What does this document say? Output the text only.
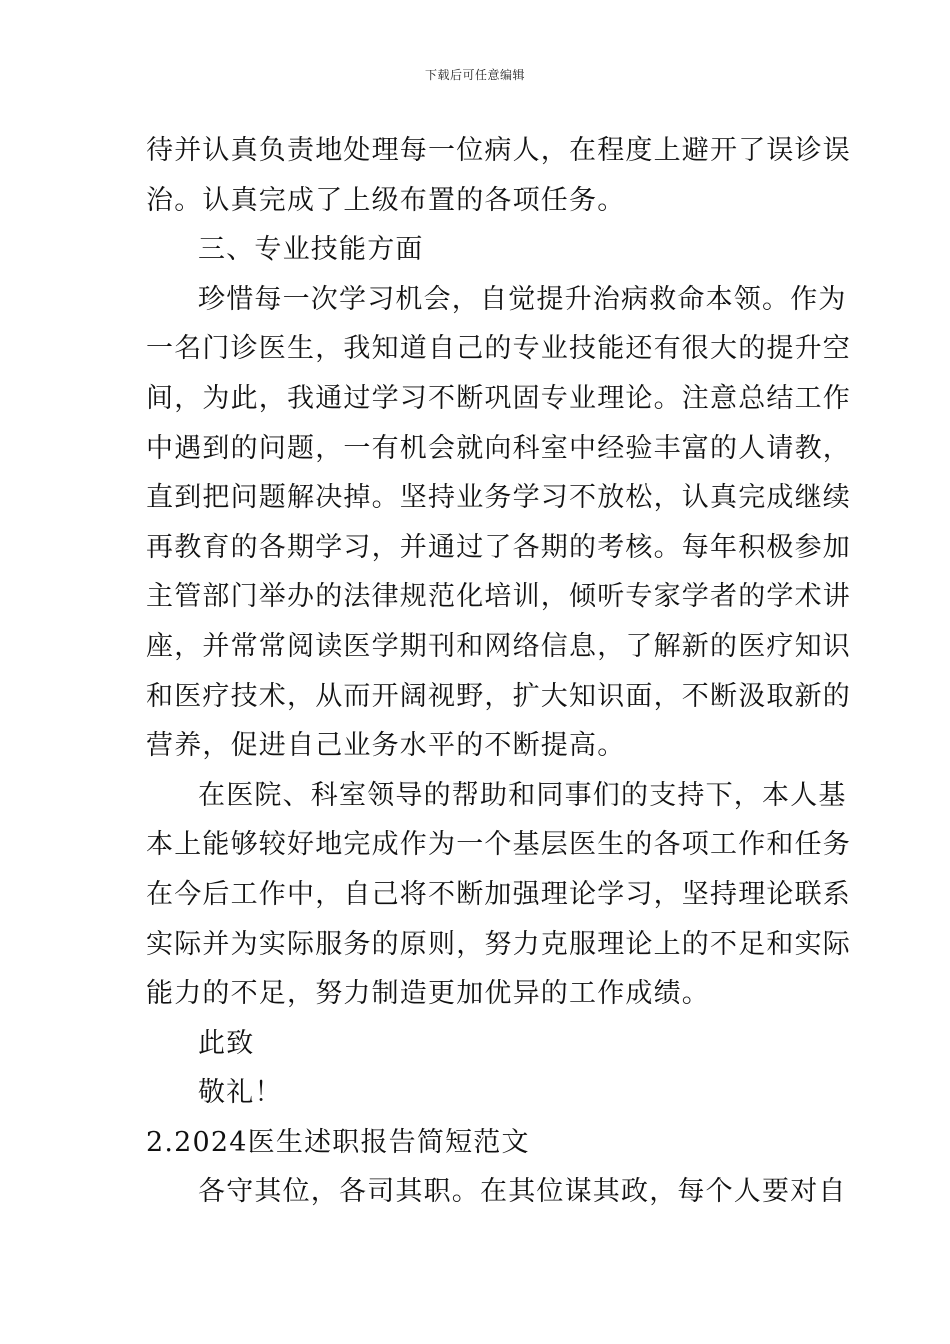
下载后可任意编辑
待并认真负责地处理每一位病人，在程度上避开了误诊误
治。认真完成了上级布置的各项任务。
三、专业技能方面
珍惜每一次学习机会，自觉提升治病救命本领。作为
一名门诊医生，我知道自己的专业技能还有很大的提升空
间，为此，我通过学习不断巩固专业理论。注意总结工作
中遇到的问题，一有机会就向科室中经验丰富的人请教，
直到把问题解决掉。坚持业务学习不放松，认真完成继续
再教育的各期学习，并通过了各期的考核。每年积极参加
主管部门举办的法律规范化培训，倾听专家学者的学术讲
座，并常常阅读医学期刊和网络信息，了解新的医疗知识
和医疗技术，从而开阔视野，扩大知识面，不断汲取新的
营养，促进自己业务水平的不断提高。
在医院、科室领导的帮助和同事们的支持下，本人基
本上能够较好地完成作为一个基层医生的各项工作和任务
在今后工作中，自己将不断加强理论学习，坚持理论联系
实际并为实际服务的原则，努力克服理论上的不足和实际
能力的不足，努力制造更加优异的工作成绩。
此致
敬礼！
2.2024医生述职报告简短范文
各守其位，各司其职。在其位谋其政，每个人要对自
